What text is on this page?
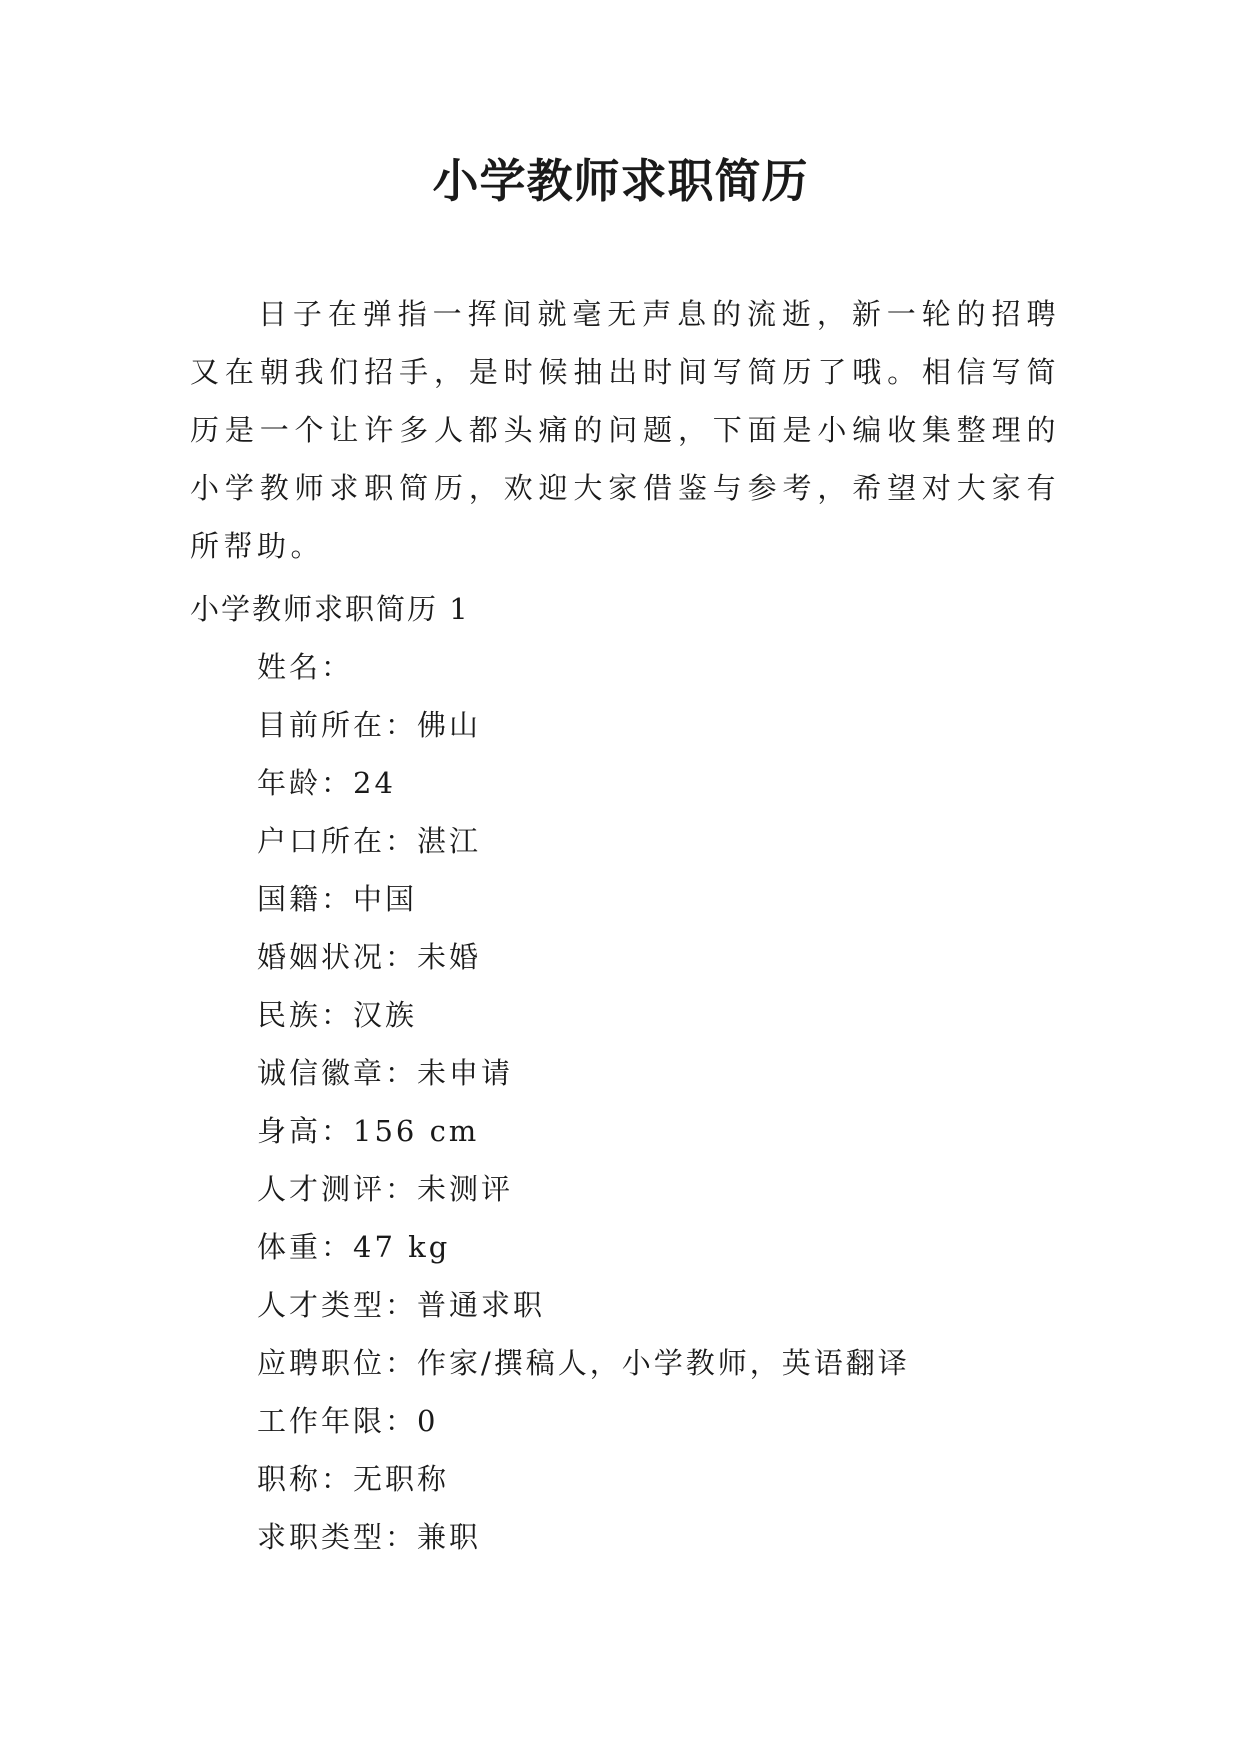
小学教师求职简历

日子在弹指一挥间就毫无声息的流逝，新一轮的招聘又在朝我们招手，是时候抽出时间写简历了哦。相信写简历是一个让许多人都头痛的问题，下面是小编收集整理的小学教师求职简历，欢迎大家借鉴与参考，希望对大家有所帮助。

小学教师求职简历 1
姓名：
目前所在：佛山
年龄：24
户口所在：湛江
国籍：中国
婚姻状况：未婚
民族：汉族
诚信徽章：未申请
身高：156 cm
人才测评：未测评
体重：47 kg
人才类型：普通求职
应聘职位：作家/撰稿人，小学教师，英语翻译
工作年限：0
职称：无职称
求职类型：兼职
